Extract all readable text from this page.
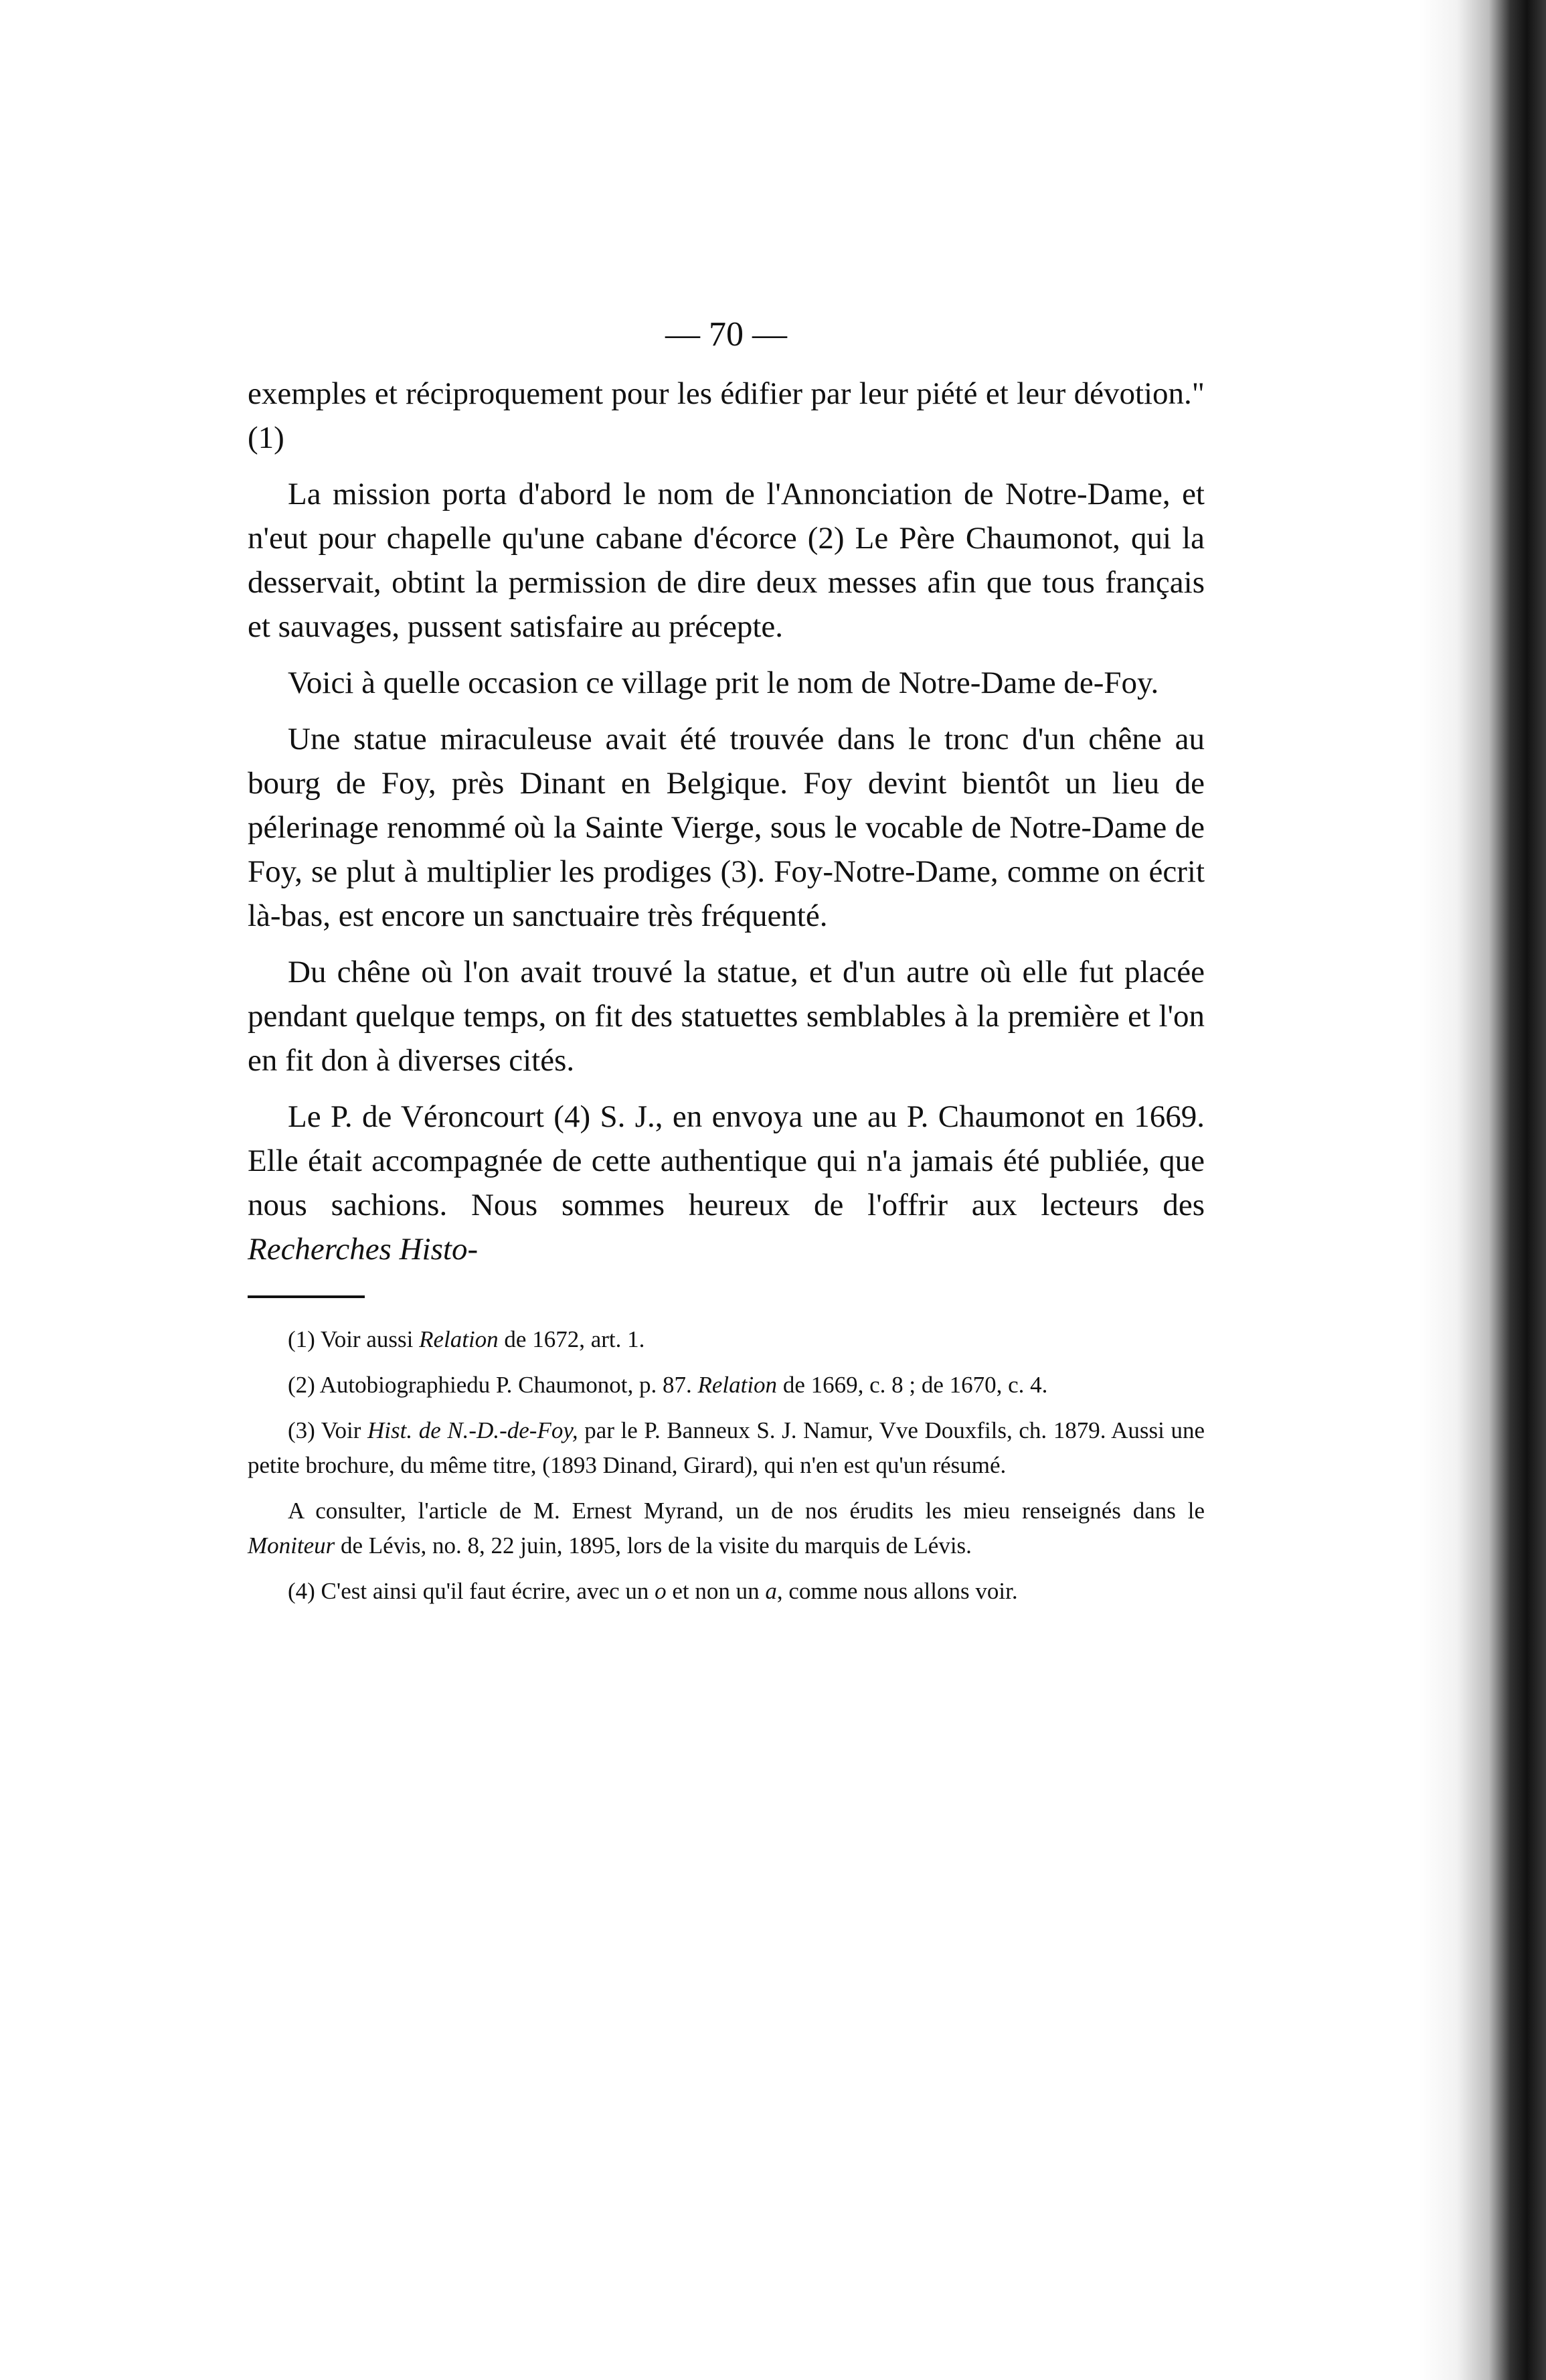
— 70 —

exemples et réciproquement pour les édifier par leur piété et leur dévotion." (1)

La mission porta d'abord le nom de l'Annonciation de Notre-Dame, et n'eut pour chapelle qu'une cabane d'écorce (2) Le Père Chaumonot, qui la desservait, obtint la permission de dire deux messes afin que tous français et sauvages, pussent satisfaire au précepte.

Voici à quelle occasion ce village prit le nom de Notre-Dame de-Foy.

Une statue miraculeuse avait été trouvée dans le tronc d'un chêne au bourg de Foy, près Dinant en Belgique. Foy devint bientôt un lieu de pélerinage renommé où la Sainte Vierge, sous le vocable de Notre-Dame de Foy, se plut à multiplier les prodiges (3). Foy-Notre-Dame, comme on écrit là-bas, est encore un sanctuaire très fréquenté.

Du chêne où l'on avait trouvé la statue, et d'un autre où elle fut placée pendant quelque temps, on fit des statuettes semblables à la première et l'on en fit don à diverses cités.

Le P. de Véroncourt (4) S. J., en envoya une au P. Chaumonot en 1669. Elle était accompagnée de cette authentique qui n'a jamais été publiée, que nous sachions. Nous sommes heureux de l'offrir aux lecteurs des Recherches Histo-

(1) Voir aussi Relation de 1672, art. 1.

(2) Autobiographiedu P. Chaumonot, p. 87. Relation de 1669, c. 8 ; de 1670, c. 4.

(3) Voir Hist. de N.-D.-de-Foy, par le P. Banneux S. J. Namur, Vve Douxfils, ch. 1879. Aussi une petite brochure, du même titre, (1893 Dinand, Girard), qui n'en est qu'un résumé.

A consulter, l'article de M. Ernest Myrand, un de nos érudits les mieu renseignés dans le Moniteur de Lévis, no. 8, 22 juin, 1895, lors de la visite du marquis de Lévis.

(4) C'est ainsi qu'il faut écrire, avec un o et non un a, comme nous allons voir.
